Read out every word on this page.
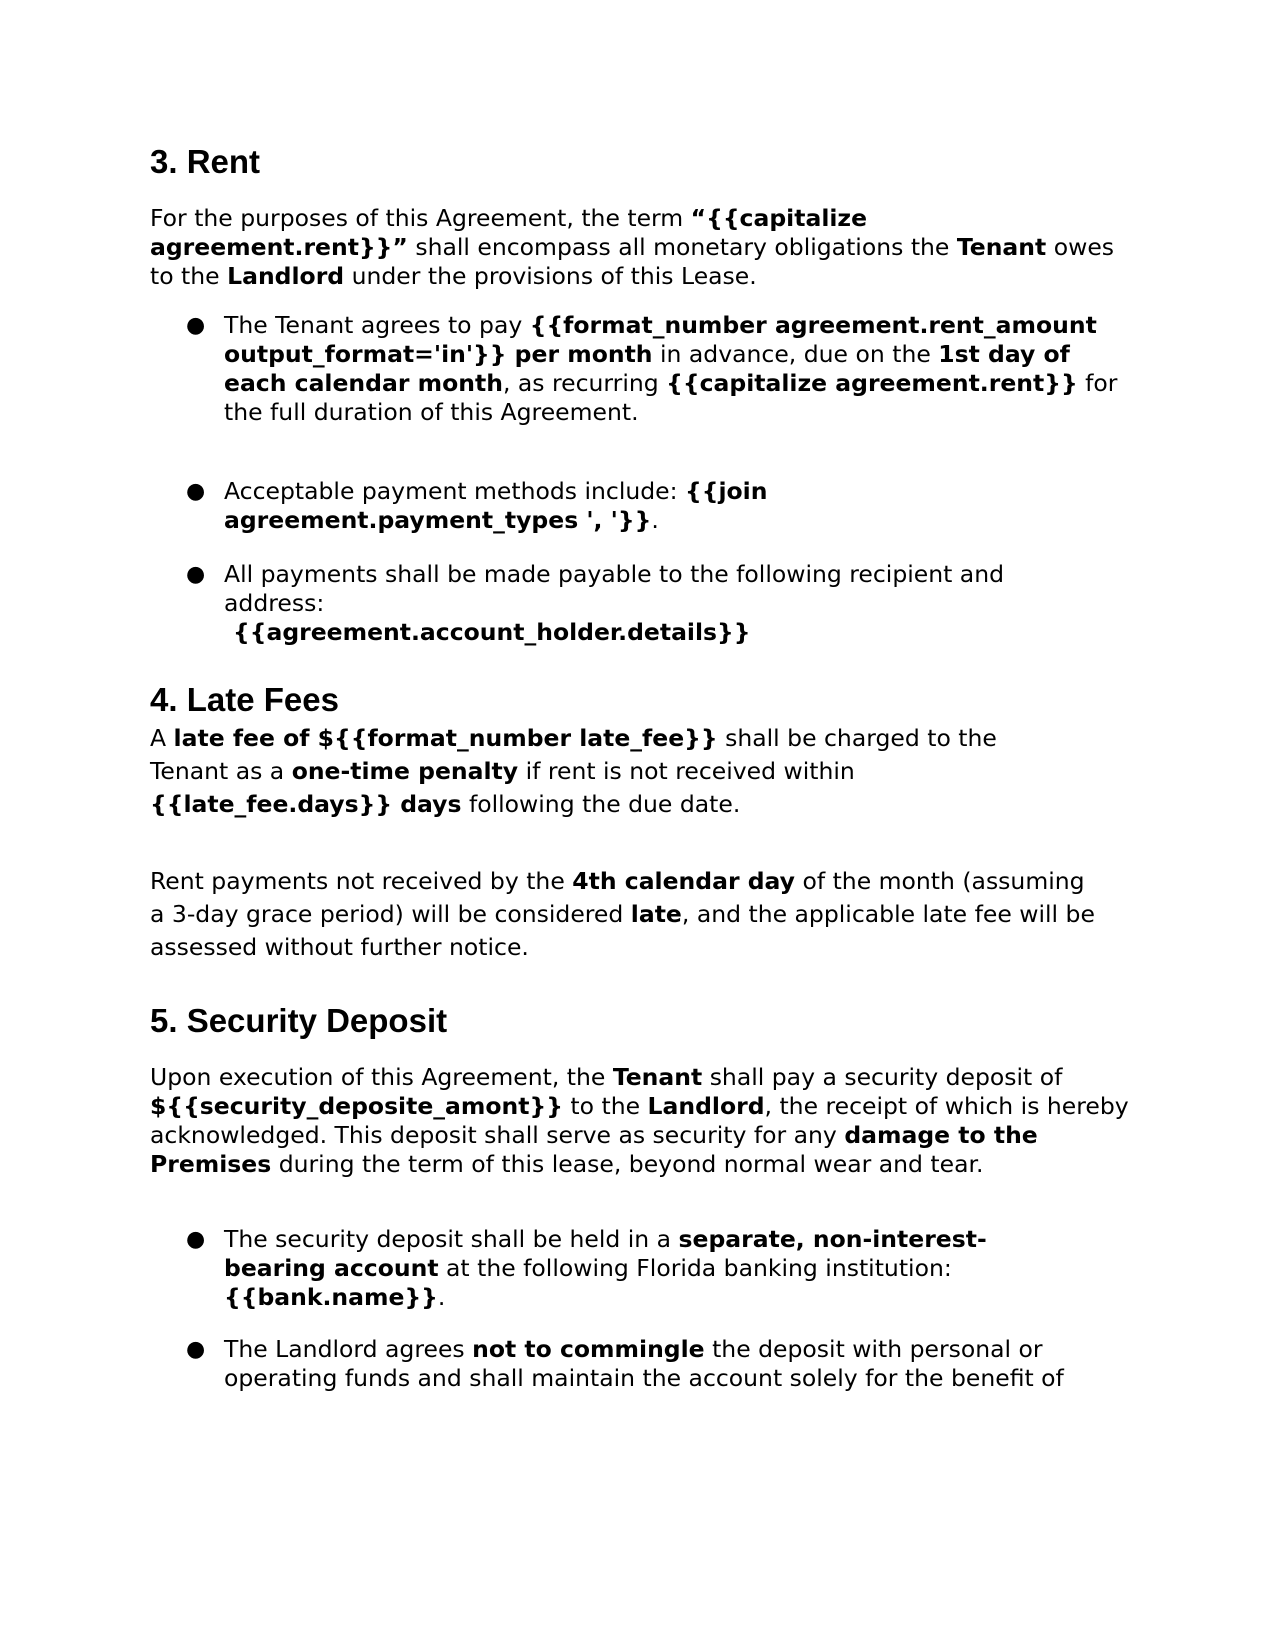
3. Rent

For the purposes of this Agreement, the term “{{capitalize agreement.rent}}” shall encompass all monetary obligations the Tenant owes to the Landlord under the provisions of this Lease.

● The Tenant agrees to pay {{format_number agreement.rent_amount output_format='in'}} per month in advance, due on the 1st day of each calendar month, as recurring {{capitalize agreement.rent}} for the full duration of this Agreement.
● Acceptable payment methods include: {{join agreement.payment_types ', '}}.
● All payments shall be made payable to the following recipient and address:
{{agreement.account_holder.details}}
4. Late Fees

A late fee of ${{format_number late_fee}} shall be charged to the Tenant as a one-time penalty if rent is not received within {{late_fee.days}} days following the due date.

Rent payments not received by the 4th calendar day of the month (assuming a 3-day grace period) will be considered late, and the applicable late fee will be assessed without further notice.

5. Security Deposit

Upon execution of this Agreement, the Tenant shall pay a security deposit of ${{security_deposite_amont}} to the Landlord, the receipt of which is hereby acknowledged. This deposit shall serve as security for any damage to the Premises during the term of this lease, beyond normal wear and tear.

● The security deposit shall be held in a separate, non-interest-bearing account at the following Florida banking institution: {{bank.name}}.
● The Landlord agrees not to commingle the deposit with personal or operating funds and shall maintain the account solely for the benefit of
